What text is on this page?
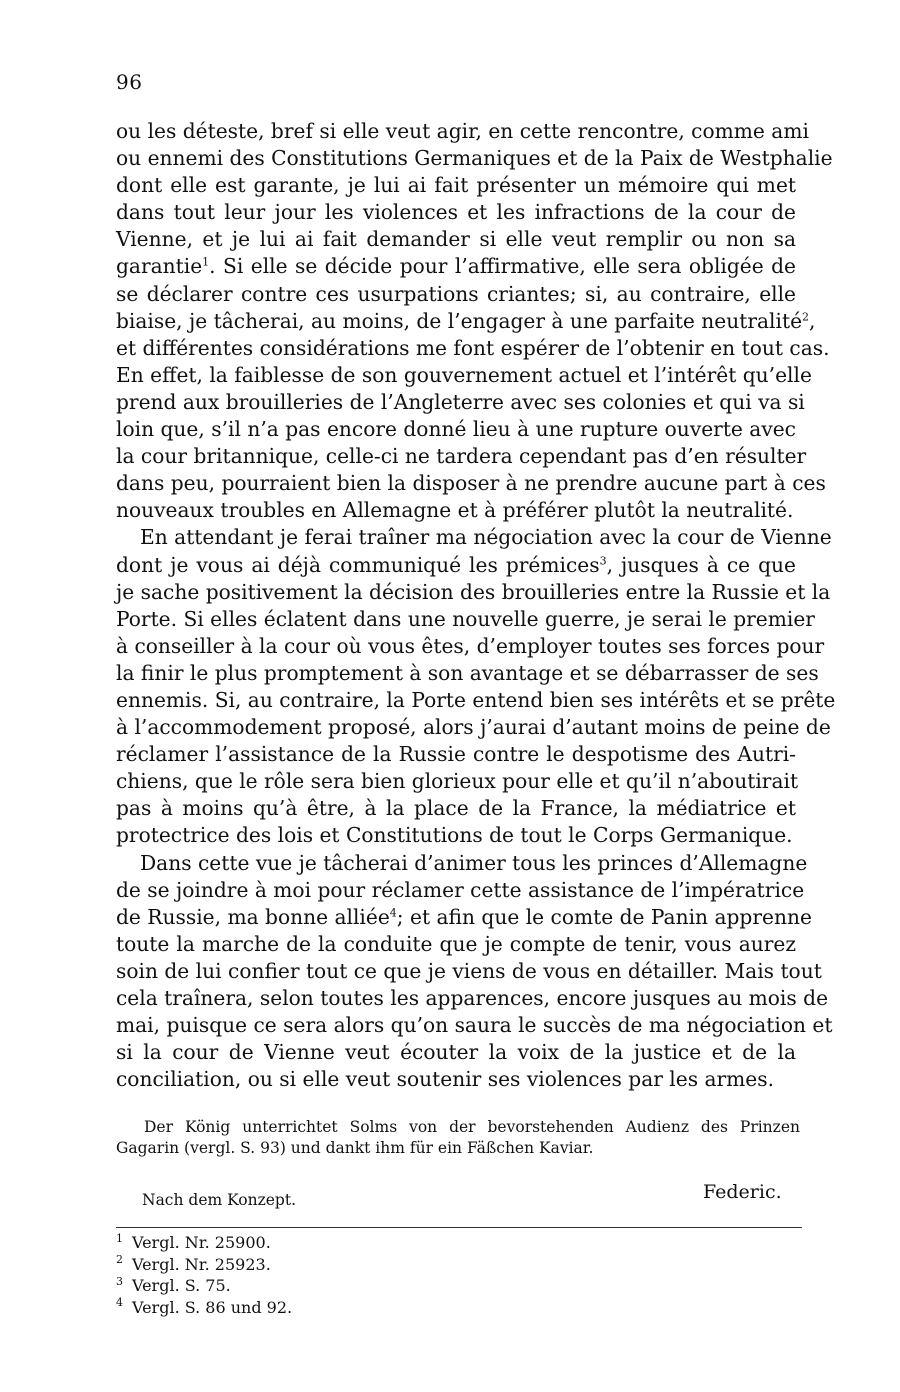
96
ou les déteste, bref si elle veut agir, en cette rencontre, comme ami
ou ennemi des Constitutions Germaniques et de la Paix de Westphalie
dont elle est garante, je lui ai fait présenter un mémoire qui met
dans tout leur jour les violences et les infractions de la cour de
Vienne, et je lui ai fait demander si elle veut remplir ou non sa
garantie$^1$. Si elle se décide pour l’affirmative, elle sera obligée de
se déclarer contre ces usurpations criantes; si, au contraire, elle
biaise, je tâcherai, au moins, de l’engager à une parfaite neutralité$^2$,
et différentes considérations me font espérer de l’obtenir en tout cas.
En effet, la faiblesse de son gouvernement actuel et l’intérêt qu’elle
prend aux brouilleries de l’Angleterre avec ses colonies et qui va si
loin que, s’il n’a pas encore donné lieu à une rupture ouverte avec
la cour britannique, celle-ci ne tardera cependant pas d’en résulter
dans peu, pourraient bien la disposer à ne prendre aucune part à ces
nouveaux troubles en Allemagne et à préférer plutôt la neutralité.
En attendant je ferai traîner ma négociation avec la cour de Vienne
dont je vous ai déjà communiqué les prémices$^3$, jusques à ce que
je sache positivement la décision des brouilleries entre la Russie et la
Porte. Si elles éclatent dans une nouvelle guerre, je serai le premier
à conseiller à la cour où vous êtes, d’employer toutes ses forces pour
la finir le plus promptement à son avantage et se débarrasser de ses
ennemis. Si, au contraire, la Porte entend bien ses intérêts et se prête
à l’accommodement proposé, alors j’aurai d’autant moins de peine de
réclamer l’assistance de la Russie contre le despotisme des Autri-
chiens, que le rôle sera bien glorieux pour elle et qu’il n’aboutirait
pas à moins qu’à être, à la place de la France, la médiatrice et
protectrice des lois et Constitutions de tout le Corps Germanique.
Dans cette vue je tâcherai d’animer tous les princes d’Allemagne
de se joindre à moi pour réclamer cette assistance de l’impératrice
de Russie, ma bonne alliée$^4$; et afin que le comte de Panin apprenne
toute la marche de la conduite que je compte de tenir, vous aurez
soin de lui confier tout ce que je viens de vous en détailler. Mais tout
cela traînera, selon toutes les apparences, encore jusques au mois de
mai, puisque ce sera alors qu’on saura le succès de ma négociation et
si la cour de Vienne veut écouter la voix de la justice et de la
conciliation, ou si elle veut soutenir ses violences par les armes.
Der König unterrichtet Solms von der bevorstehenden Audienz des Prinzen
Gagarin (vergl. S. 93) und dankt ihm für ein Fäßchen Kaviar.
Nach dem Konzept.	Federic.
1 Vergl. Nr. 25900.
2 Vergl. Nr. 25923.
3 Vergl. S. 75.
4 Vergl. S. 86 und 92.
